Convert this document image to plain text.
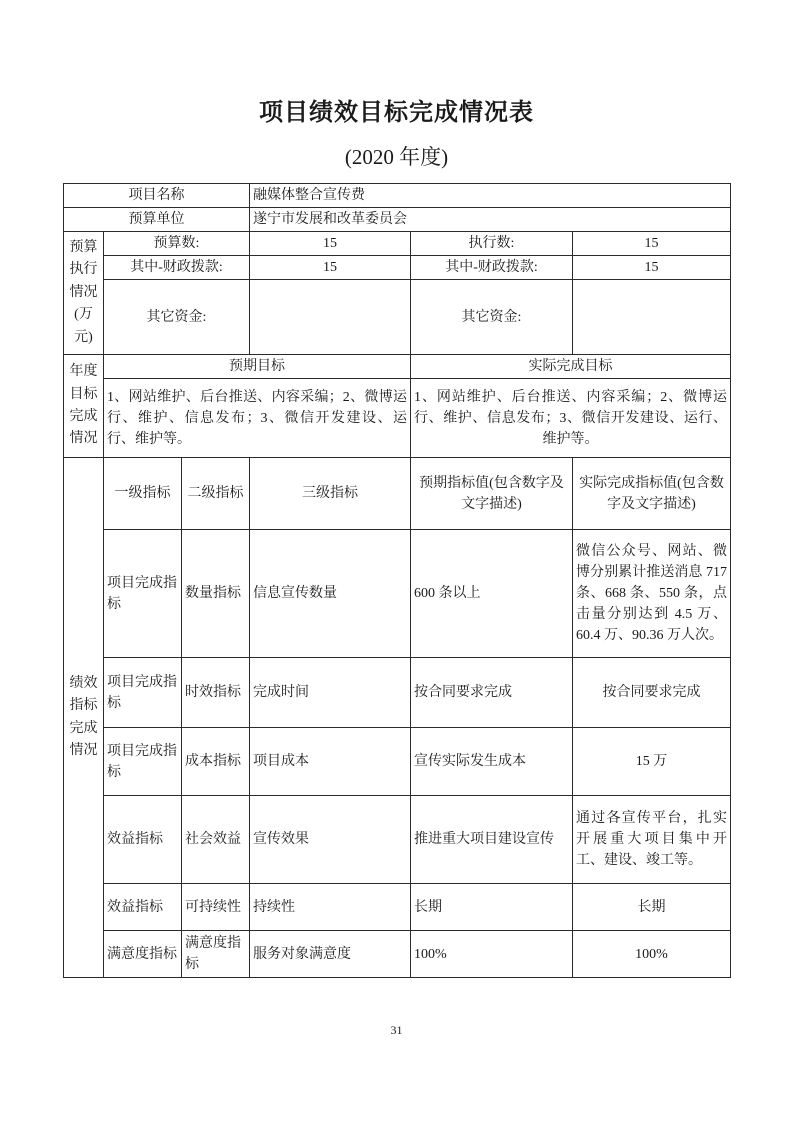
项目绩效目标完成情况表
(2020 年度)
项目名称			融媒体整合宣传费		
预算单位			遂宁市发展和改革委员会		
预算执行情况(万元)	预算数:		15	执行数:	15
	其中-财政拨款:		15	其中-财政拨款:	15
	其它资金:			其它资金:	
年度目标完成情况	预期目标			实际完成目标	
	1、网站维护、后台推送、内容采编；2、微博运行、维护、信息发布；3、微信开发建设、运行、维护等。			1、网站维护、后台推送、内容采编；2、微博运行、维护、信息发布；3、微信开发建设、运行、维护等。	
绩效指标完成情况	一级指标	二级指标	三级指标	预期指标值(包含数字及文字描述)	实际完成指标值(包含数字及文字描述)
	项目完成指标	数量指标	信息宣传数量	600 条以上	微信公众号、网站、微博分别累计推送消息 717 条、668 条、550 条，点击量分别达到 4.5 万、60.4 万、90.36 万人次。
	项目完成指标	时效指标	完成时间	按合同要求完成	按合同要求完成
	项目完成指标	成本指标	项目成本	宣传实际发生成本	15 万
	效益指标	社会效益	宣传效果	推进重大项目建设宣传	通过各宣传平台，扎实开展重大项目集中开工、建设、竣工等。
	效益指标	可持续性	持续性	长期	长期
	满意度指标	满意度指标	服务对象满意度	100%	100%
31
